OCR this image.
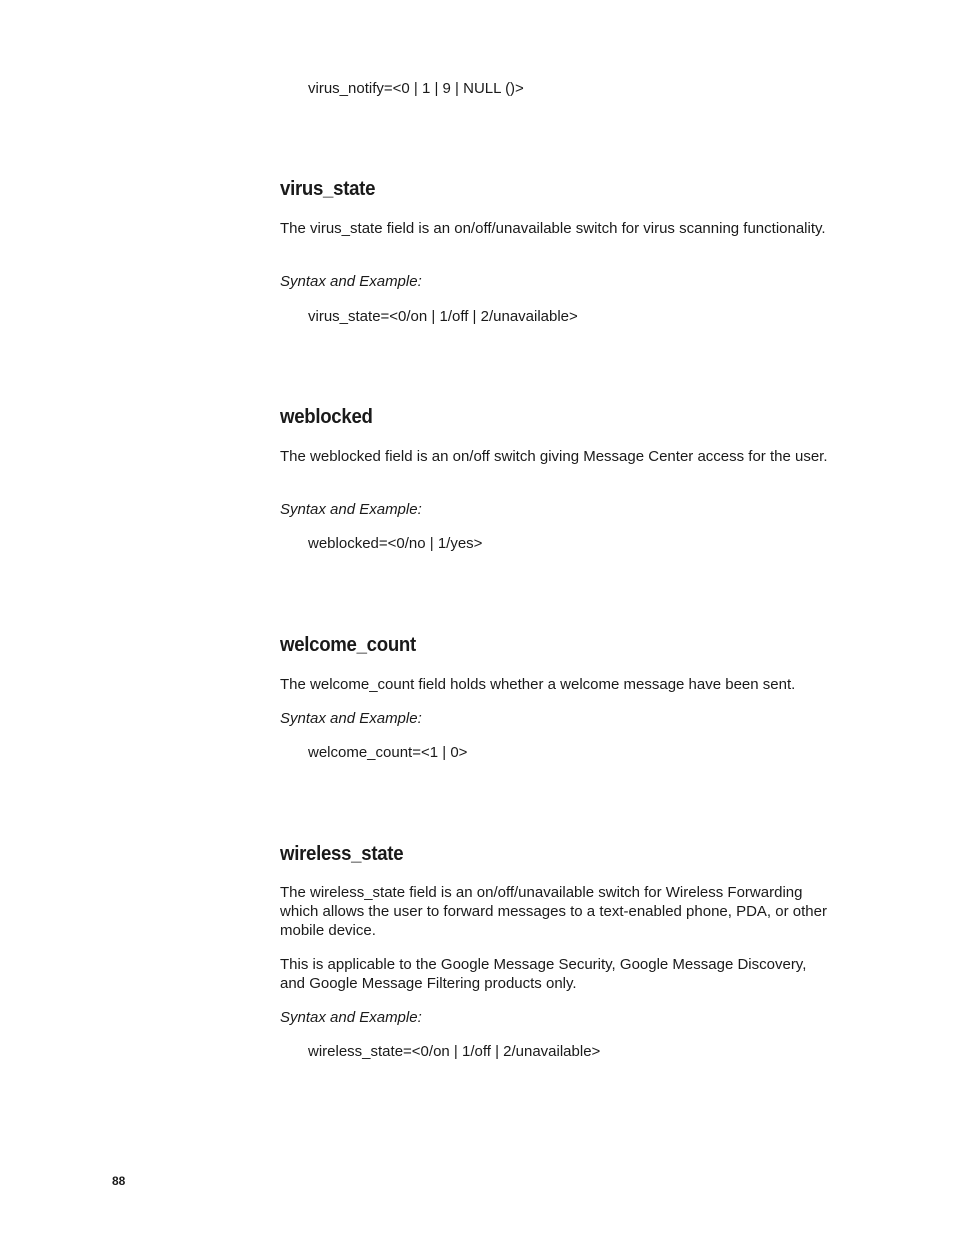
virus_notify=<0 | 1 | 9 | NULL ()>

virus_state

The virus_state field is an on/off/unavailable switch for virus scanning functionality.

Syntax and Example:

virus_state=<0/on | 1/off | 2/unavailable>

weblocked

The weblocked field is an on/off switch giving Message Center access for the user.

Syntax and Example:

weblocked=<0/no | 1/yes>

welcome_count

The welcome_count field holds whether a welcome message have been sent.

Syntax and Example:

welcome_count=<1 | 0>

wireless_state

The wireless_state field is an on/off/unavailable switch for Wireless Forwarding which allows the user to forward messages to a text-enabled phone, PDA, or other mobile device.

This is applicable to the Google Message Security, Google Message Discovery, and Google Message Filtering products only.

Syntax and Example:

wireless_state=<0/on | 1/off | 2/unavailable>

88
